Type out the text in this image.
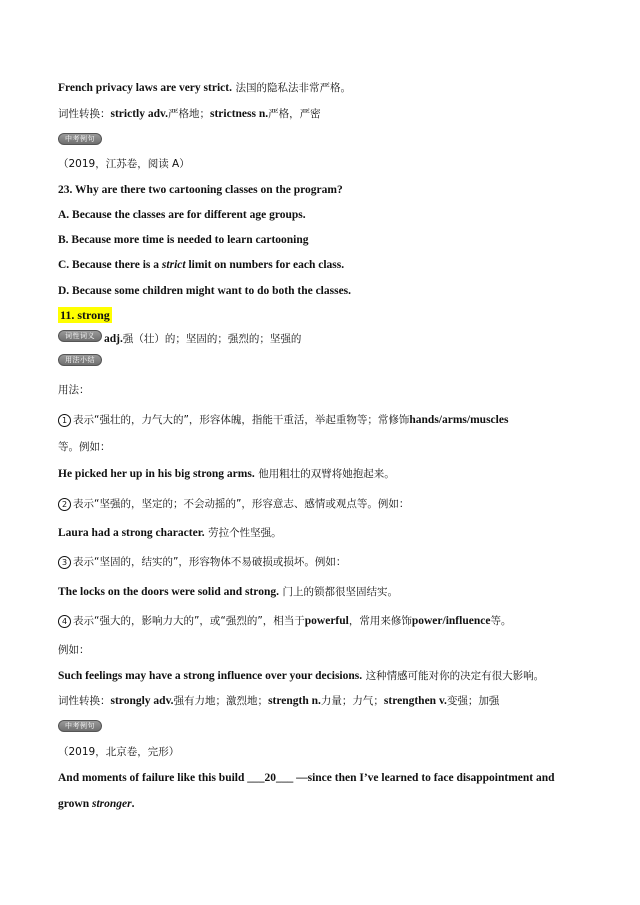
French privacy laws are very strict. 法国的隐私法非常严格。
词性转换：strictly adv.严格地；strictness n.严格，严密
中考例句
（2019，江苏卷，阅读 A）
23. Why are there two cartooning classes on the program?
A. Because the classes are for different age groups.
B. Because more time is needed to learn cartooning
C. Because there is a strict limit on numbers for each class.
D. Because some children might want to do both the classes.
11. strong
词性词义 adj.强（壮）的；坚固的；强烈的；坚强的
用法小结
用法：
1 表示“强壮的，力气大的”，形容体魄，指能干重活，举起重物等；常修饰hands/arms/muscles
等。例如：
He picked her up in his big strong arms. 他用粗壮的双臂将她抱起来。
2 表示“坚强的，坚定的；不会动摇的”，形容意志、感情或观点等。例如：
Laura had a strong character. 劳拉个性坚强。
3 表示“坚固的，结实的”，形容物体不易破损或损坏。例如：
The locks on the doors were solid and strong. 门上的锁都很坚固结实。
4 表示“强大的，影响力大的”，或“强烈的”，相当于powerful，常用来修饰power/influence等。
例如：
Such feelings may have a strong influence over your decisions. 这种情感可能对你的决定有很大影响。
词性转换：strongly adv.强有力地；激烈地；strength n.力量；力气；strengthen v.变强；加强
中考例句
（2019，北京卷，完形）
And moments of failure like this build ___20___ —since then I’ve learned to face disappointment and
grown stronger.
